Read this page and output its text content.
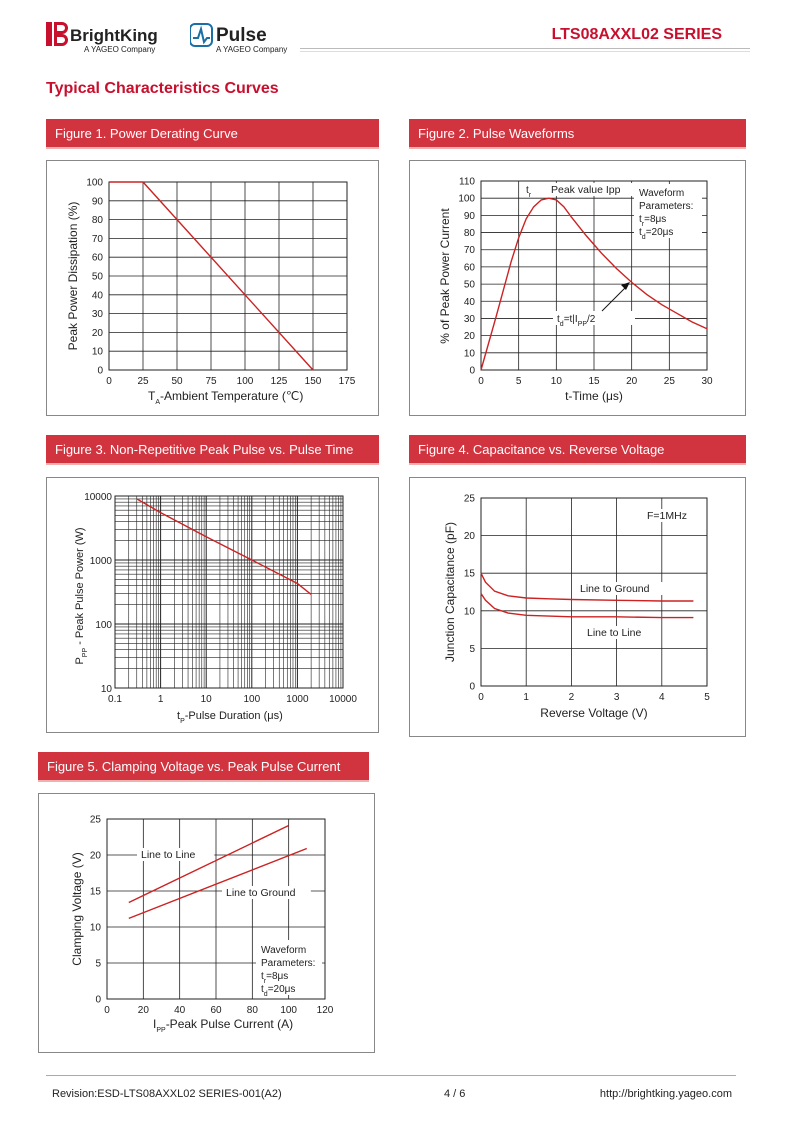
BrightKing
A YAGEO Company
Pulse
A YAGEO Company
LTS08AXXL02 SERIES
Typical Characteristics Curves
Figure 1. Power Derating Curve	Figure 2. Pulse Waveforms
Figure 3. Non-Repetitive Peak Pulse vs. Pulse Time	Figure 4. Capacitance vs. Reverse Voltage
Figure 5. Clamping Voltage vs. Peak Pulse Current
0	25 50 75 100 125 150 175
0
10
20
30
40
50
60
70
80
90
100
$T_A$-Ambient Temperature (℃)
Peak Power Dissipation (%)
0	5	10	15	20	25	30
0
10
20
30
40
50
60
70
80
90
100
110
$t_r$ Peak value Ipp Waveform
Parameters:
$t_r=8\mu s$
$t_d=20\mu s$
$t_d=t|I_{PP}/2$
t-Time (μs)
% of Peak Power Current
0.1	1	10	100	1000 10000
10
100
1000
10000
$t_P$-Pulse Duration (μs)
$P_{PP}$ - Peak Pulse Power (W)
0	1	2	3	4	5
0
5
10
15
20
25
F=1MHz
Line to Ground
Line to Line
Reverse Voltage (V)
Junction Capacitance (pF)
0	20	40	60	80 100 120
0
5
10
15
20
25
Line to Line
Line to Ground
Waveform
Parameters:
$t_r=8\mu s$
$t_d=20\mu s$
$I_{PP}$-Peak Pulse Current (A)
Clamping Voltage (V)
Revision:ESD-LTS08AXXL02 SERIES-001(A2)	4 / 6	http://brightking.yageo.com
